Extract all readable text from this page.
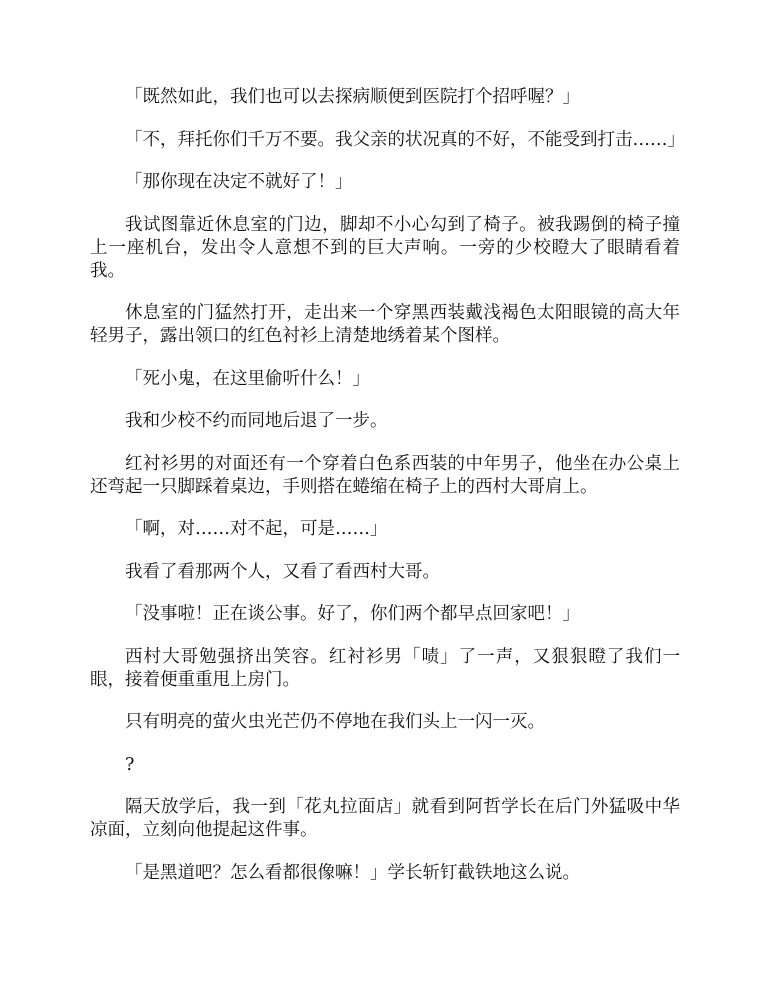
「既然如此，我们也可以去探病顺便到医院打个招呼喔？」

「不，拜托你们千万不要。我父亲的状况真的不好，不能受到打击……」

「那你现在决定不就好了！」

我试图靠近休息室的门边，脚却不小心勾到了椅子。被我踢倒的椅子撞上一座机台，发出令人意想不到的巨大声响。一旁的少校瞪大了眼睛看着我。

休息室的门猛然打开，走出来一个穿黑西装戴浅褐色太阳眼镜的高大年轻男子，露出领口的红色衬衫上清楚地绣着某个图样。

「死小鬼，在这里偷听什么！」

我和少校不约而同地后退了一步。

红衬衫男的对面还有一个穿着白色系西装的中年男子，他坐在办公桌上还弯起一只脚踩着桌边，手则搭在蜷缩在椅子上的西村大哥肩上。

「啊，对……对不起，可是……」

我看了看那两个人，又看了看西村大哥。

「没事啦！正在谈公事。好了，你们两个都早点回家吧！」

西村大哥勉强挤出笑容。红衬衫男「啧」了一声，又狠狠瞪了我们一眼，接着便重重甩上房门。

只有明亮的萤火虫光芒仍不停地在我们头上一闪一灭。

?

隔天放学后，我一到「花丸拉面店」就看到阿哲学长在后门外猛吸中华凉面，立刻向他提起这件事。

「是黑道吧？怎么看都很像嘛！」学长斩钉截铁地这么说。
